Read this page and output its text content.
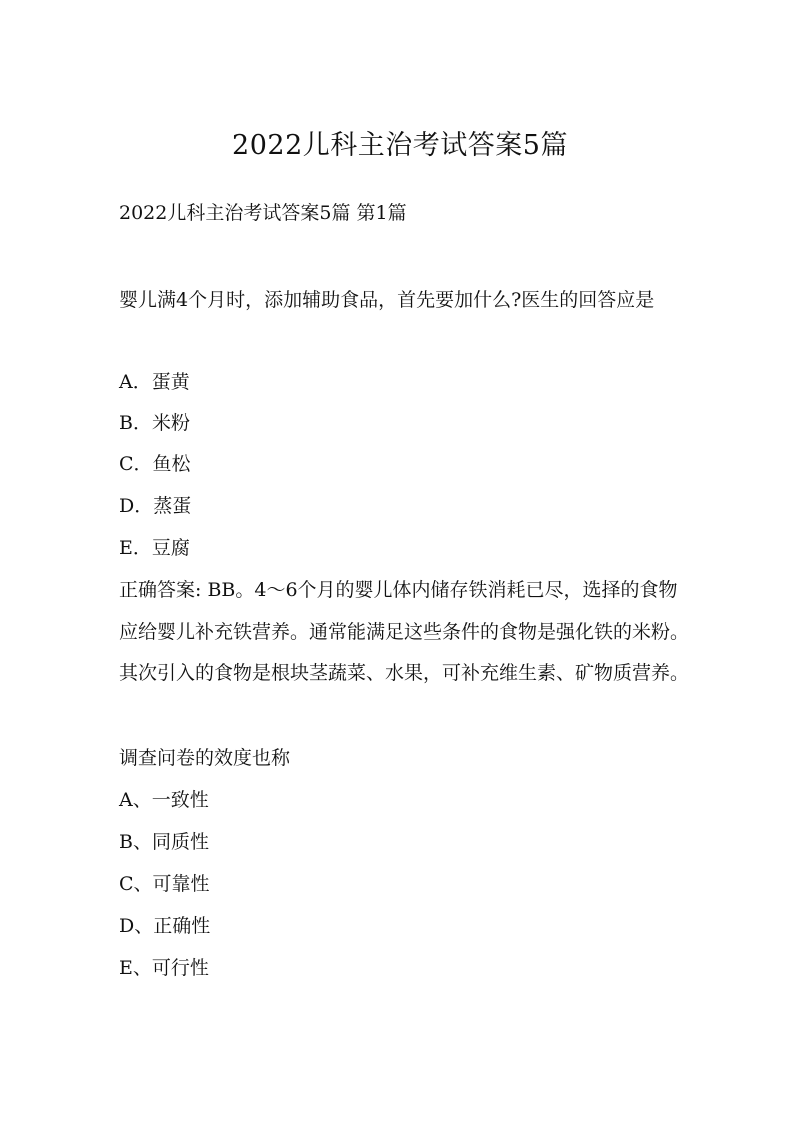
2022儿科主治考试答案5篇
2022儿科主治考试答案5篇 第1篇
婴儿满4个月时，添加辅助食品，首先要加什么?医生的回答应是
A．蛋黄
B．米粉
C．鱼松
D．蒸蛋
E．豆腐
正确答案: BB。4～6个月的婴儿体内储存铁消耗已尽，选择的食物应给婴儿补充铁营养。通常能满足这些条件的食物是强化铁的米粉。其次引入的食物是根块茎蔬菜、水果，可补充维生素、矿物质营养。
调查问卷的效度也称
A、一致性
B、同质性
C、可靠性
D、正确性
E、可行性
